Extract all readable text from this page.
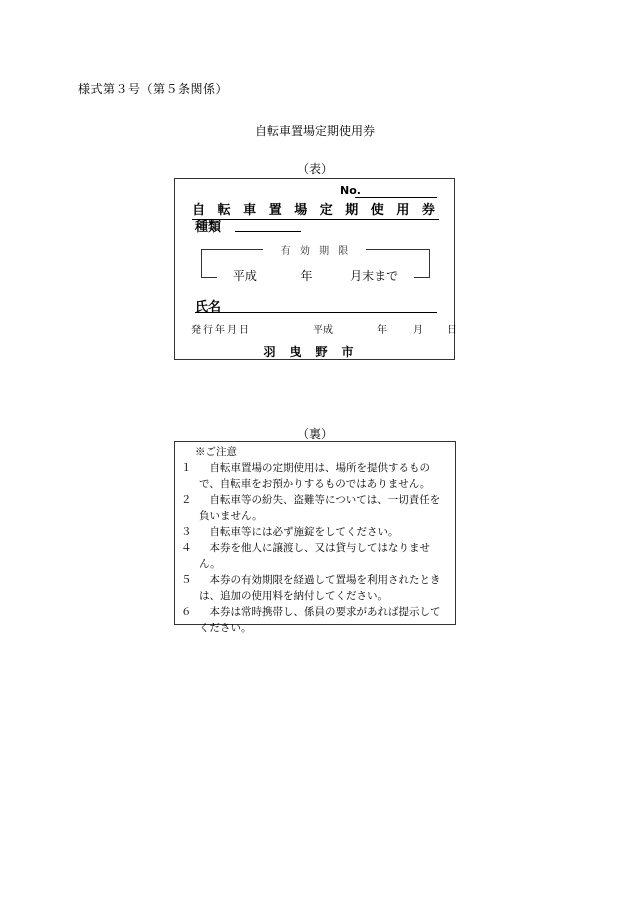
様式第３号（第５条関係）
自転車置場定期使用券
（表）
No.
自 転 車 置 場 定 期 使 用 券
種類
有 効 期 限
平成	年	月末まで
氏名
発行年月日	平成	年	月 日
羽曳野市
（裏）
※ご注意
１ 　自転車置場の定期使用は、場所を提供するもので、自転車をお預かりするものではありません。
２ 　自転車等の紛失、盗難等については、一切責任を負いません。
３ 　自転車等には必ず施錠をしてください。
４ 　本券を他人に譲渡し、又は貸与してはなりません。
５ 　本券の有効期限を経過して置場を利用されたときは、追加の使用料を納付してください。
６ 　本券は常時携帯し、係員の要求があれば提示してください。
